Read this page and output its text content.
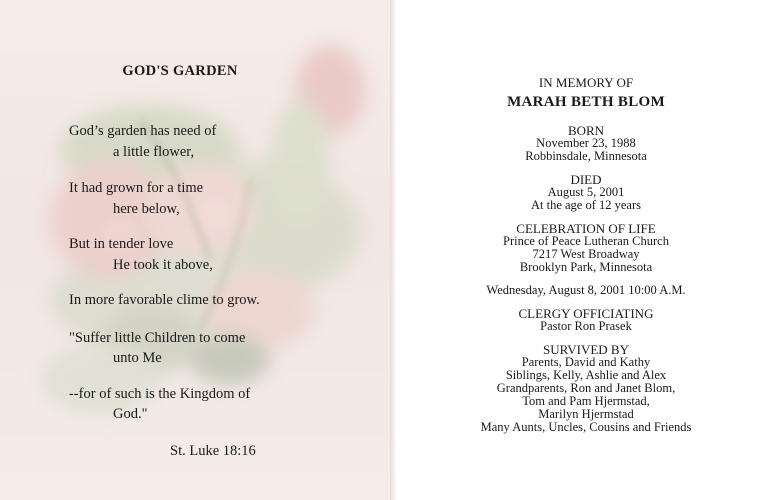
GOD'S GARDEN
God’s garden has need of
a little flower,
It had grown for a time
here below,
But in tender love
He took it above,
In more favorable clime to grow.
"Suffer little Children to come
unto Me
--for of such is the Kingdom of
God."
St. Luke 18:16
IN MEMORY OF
MARAH BETH BLOM
BORN
November 23, 1988
Robbinsdale, Minnesota
DIED
August 5, 2001
At the age of 12 years
CELEBRATION OF LIFE
Prince of Peace Lutheran Church
7217 West Broadway
Brooklyn Park, Minnesota
Wednesday, August 8, 2001 10:00 A.M.
CLERGY OFFICIATING
Pastor Ron Prasek
SURVIVED BY
Parents, David and Kathy
Siblings, Kelly, Ashlie and Alex
Grandparents, Ron and Janet Blom,
Tom and Pam Hjermstad,
Marilyn Hjermstad
Many Aunts, Uncles, Cousins and Friends
